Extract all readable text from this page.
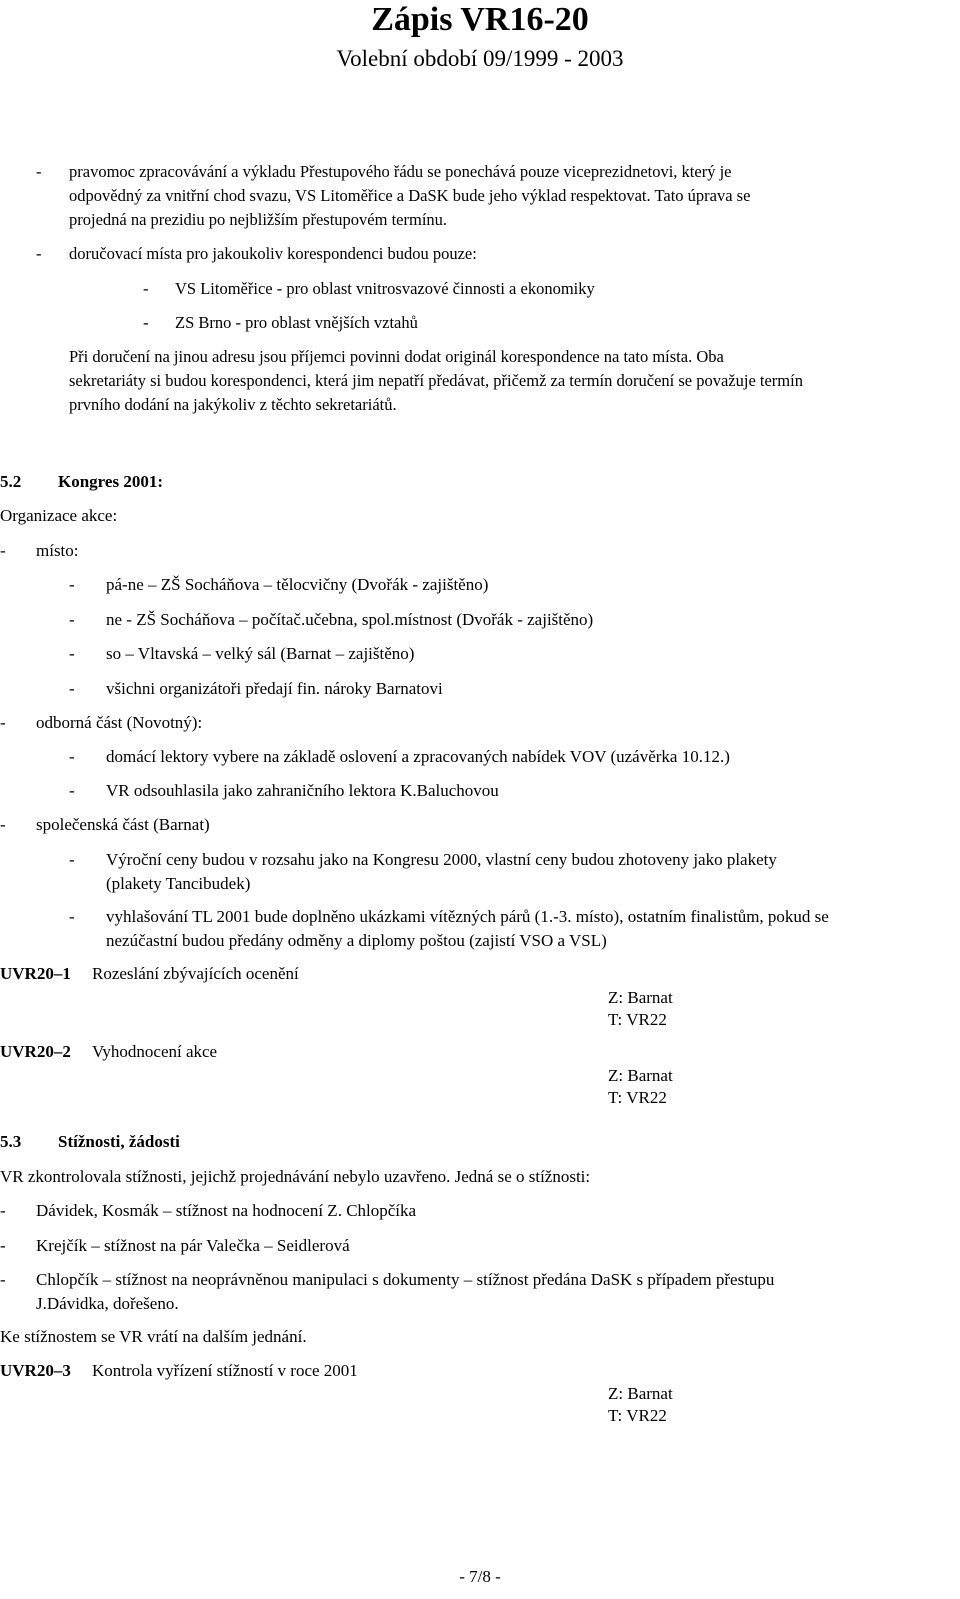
Zápis VR16-20
Volební období 09/1999 - 2003
- pravomoc zpracovávání a výkladu Přestupového řádu se ponechává pouze viceprezidnetovi, který je
odpovědný za vnitřní chod svazu, VS Litoměřice a DaSK bude jeho výklad respektovat. Tato úprava se
projedná na prezidiu po nejbližším přestupovém termínu.
- doručovací místa pro jakoukoliv korespondenci budou pouze:
- VS Litoměřice - pro oblast vnitrosvazové činnosti a ekonomiky
- ZS Brno - pro oblast vnějších vztahů
Při doručení na jinou adresu jsou příjemci povinni dodat originál korespondence na tato místa. Oba
sekretariáty si budou korespondenci, která jim nepatří předávat, přičemž za termín doručení se považuje termín
prvního dodání na jakýkoliv z těchto sekretariátů.
5.2 Kongres 2001:
Organizace akce:
- místo:
- pá-ne – ZŠ Socháňova – tělocvičny (Dvořák - zajištěno)
- ne - ZŠ Socháňova – počítač.učebna, spol.místnost (Dvořák - zajištěno)
- so – Vltavská – velký sál (Barnat – zajištěno)
- všichni organizátoři předají fin. nároky Barnatovi
- odborná část (Novotný):
- domácí lektory vybere na základě oslovení a zpracovaných nabídek VOV (uzávěrka 10.12.)
- VR odsouhlasila jako zahraničního lektora K.Baluchovou
- společenská část (Barnat)
- Výroční ceny budou v rozsahu jako na Kongresu 2000, vlastní ceny budou zhotoveny jako plakety
(plakety Tancibudek)
- vyhlašování TL 2001 bude doplněno ukázkami vítězných párů (1.-3. místo), ostatním finalistům, pokud se
nezúčastní budou předány odměny a diplomy poštou (zajistí VSO a VSL)
UVR20–1 Rozeslání zbývajících ocenění
Z: Barnat
T: VR22
UVR20–2 Vyhodnocení akce
Z: Barnat
T: VR22
5.3 Stížnosti, žádosti
VR zkontrolovala stížnosti, jejichž projednávání nebylo uzavřeno. Jedná se o stížnosti:
- Dávidek, Kosmák – stížnost na hodnocení Z. Chlopčíka
- Krejčík – stížnost na pár Valečka – Seidlerová
- Chlopčík – stížnost na neoprávněnou manipulaci s dokumenty – stížnost předána DaSK s případem přestupu
J.Dávidka, dořešeno.
Ke stížnostem se VR vrátí na dalším jednání.
UVR20–3 Kontrola vyřízení stížností v roce 2001
Z: Barnat
T: VR22
- 7/8 -
